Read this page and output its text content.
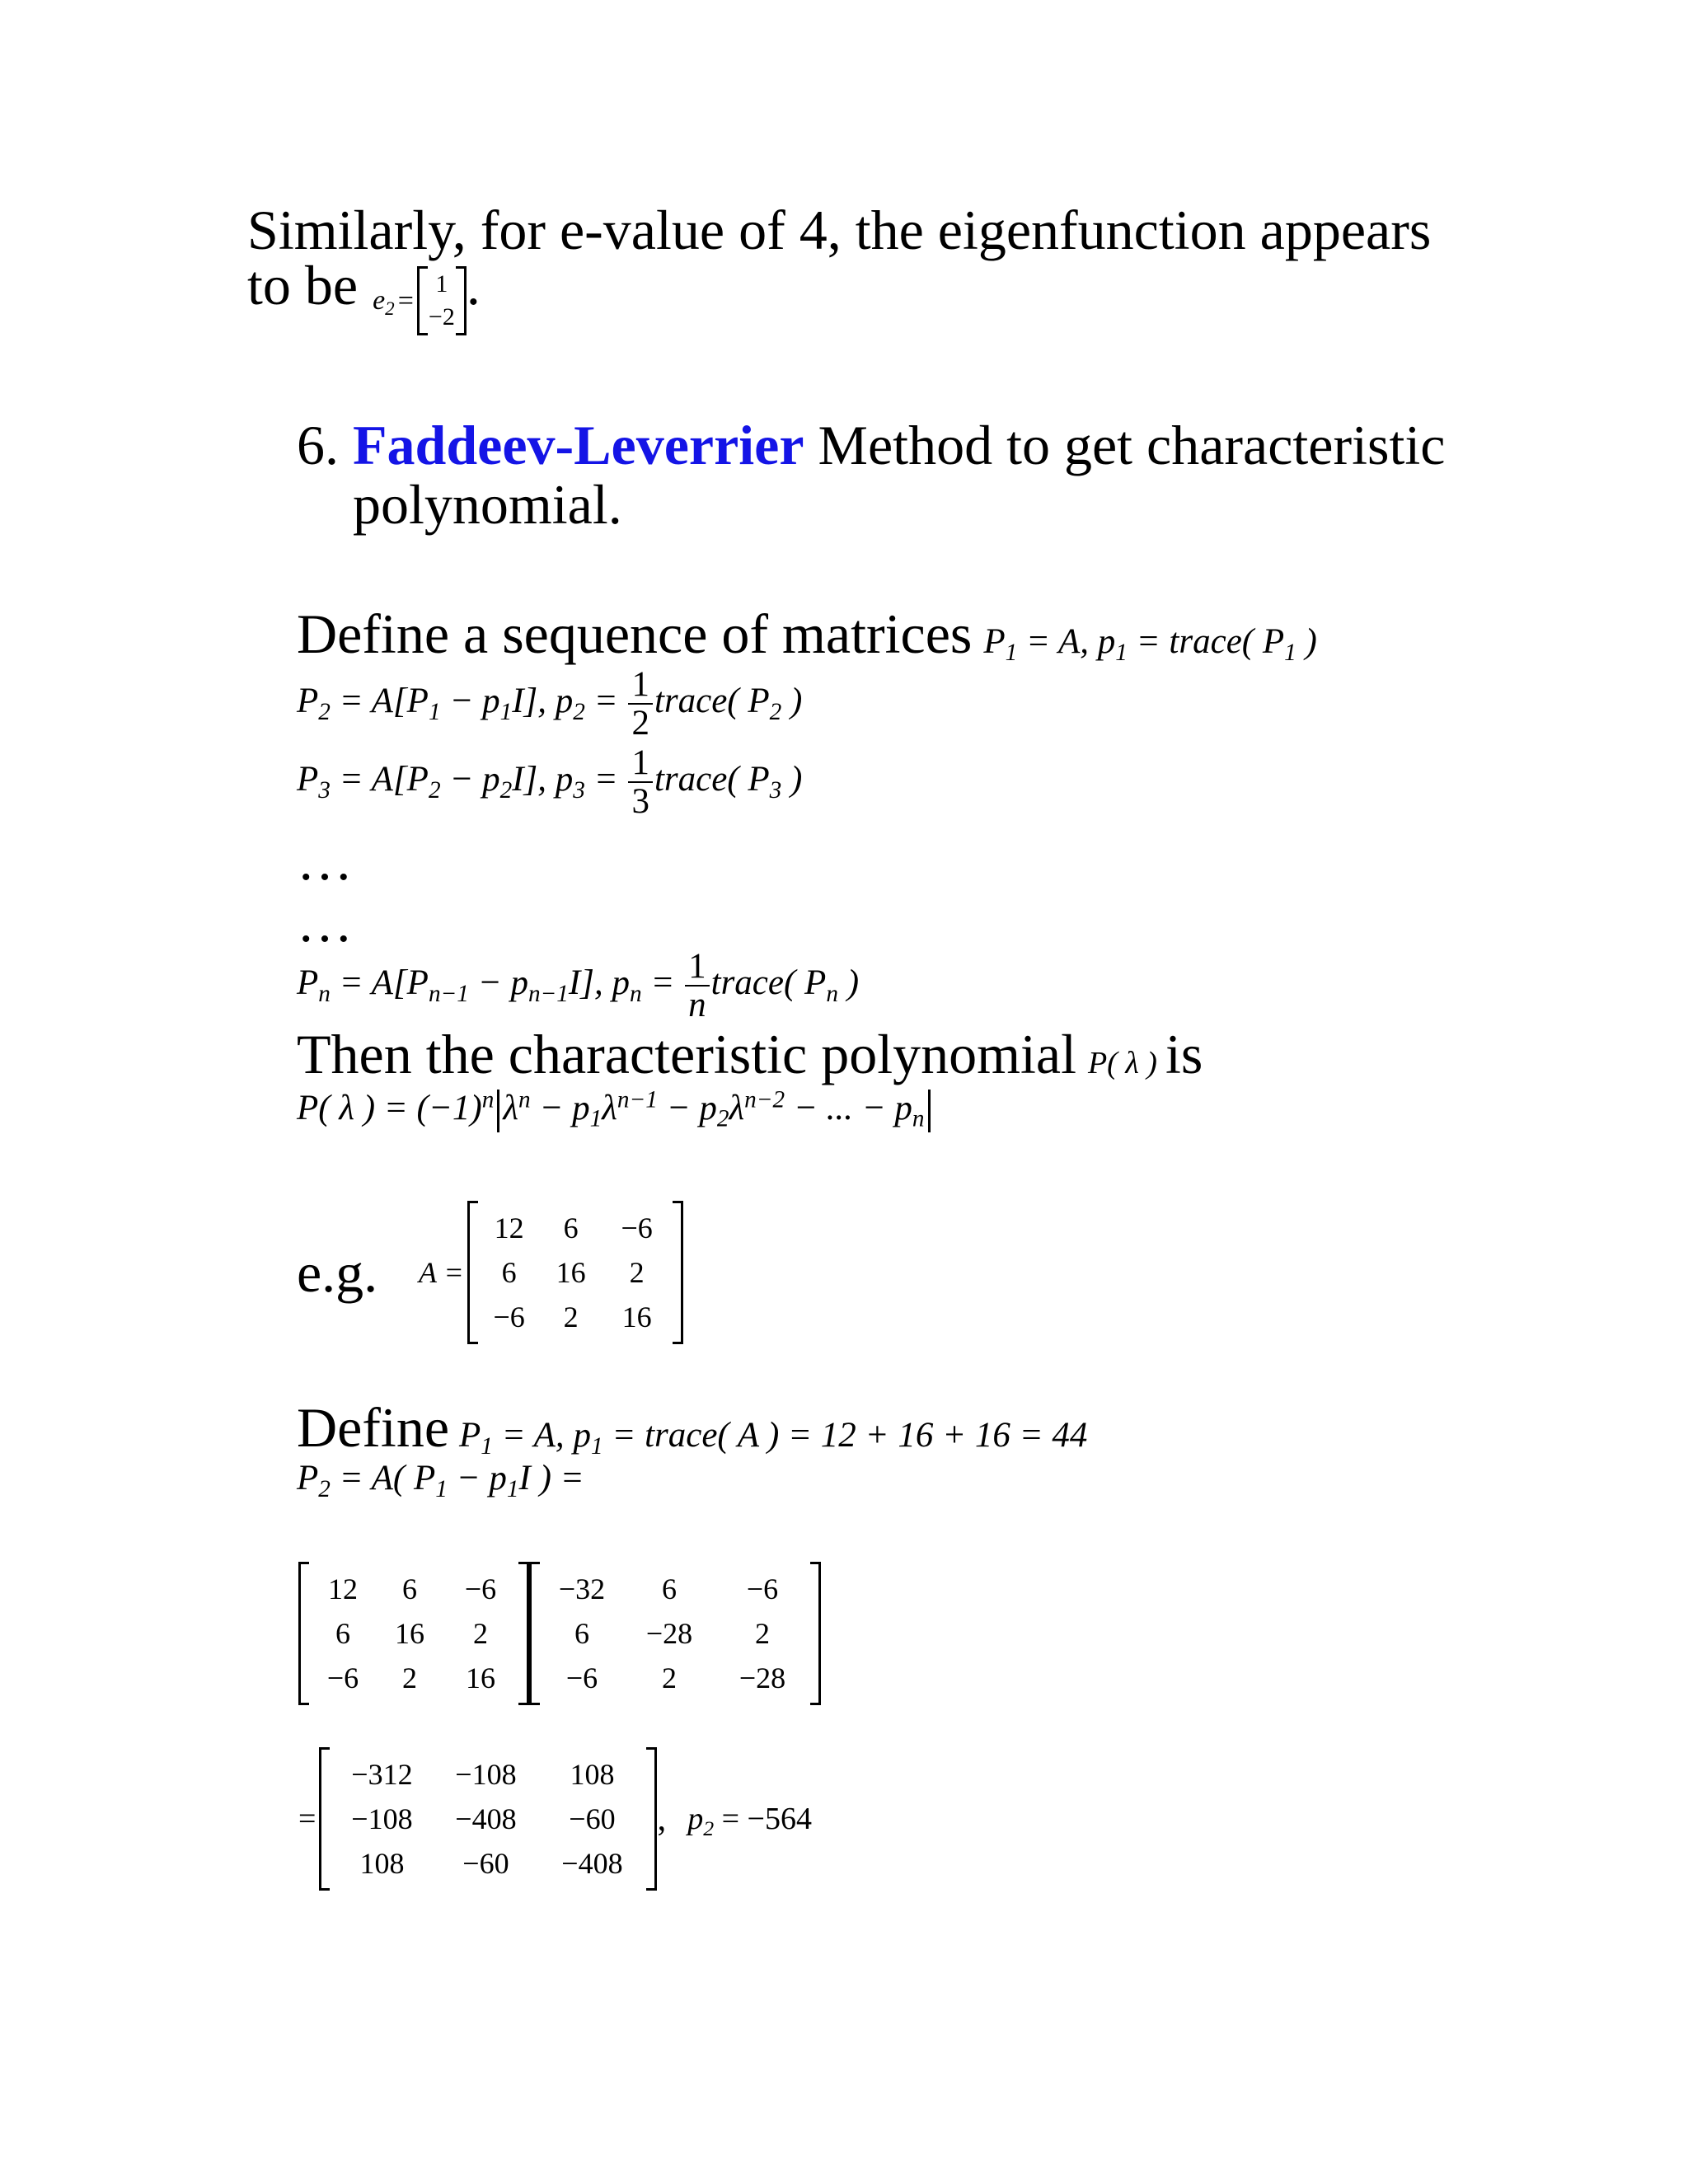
Similarly, for e-value of 4, the eigenfunction appears
to be $e_2$ =
1
−2
.
6. Faddeev-Leverrier Method to get characteristic
polynomial.
Define a sequence of matrices $P_1 = A$, $p_1$ = trace( $P_1$ )
$P_2 = A[P_1 - p_1I]$, $p_2 = \frac{1}{2}$ trace( $P_2$ )
$P_3 = A[P_2 - p_2I]$, $p_3 = \frac{1}{3}$ trace( $P_3$ )
…
…
$P_n = A[P_{n-1} - p_{n-1}I]$, $p_n = \frac{1}{n}$ trace( $P_n$ )
Then the characteristic polynomial P( λ ) is
P( λ ) = $(-1)^n$ $\lambda^n - p_1\lambda^{n-1} - p_2\lambda^{n-2}$ − ... − $p_n$
e.g. A =
12	6	−6
6	16	2
−6	2	16
Define $P_1 = A$, $p_1$ = trace( A ) = 12 + 16 + 16 = 44
$P_2 = A$( $P_1 - p_1I$ ) =
12	6	−6
6	16	2
−6	2	16
−32	6	−6
6	−28	2
−6	2	−28
=
−312	−108	108
−108	−408	−60
108	−60	−408
, $p_2 = -564$
